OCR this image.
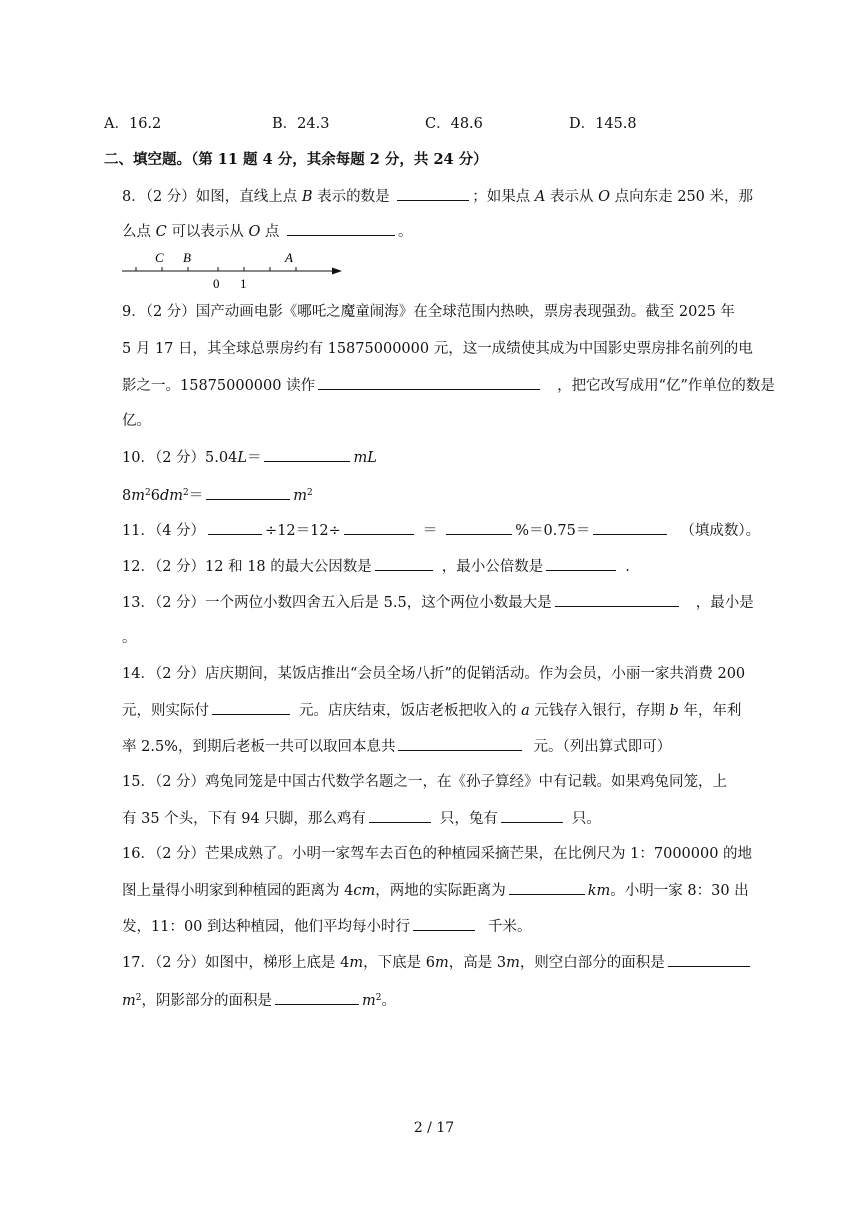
A．16.2	B．24.3	C．48.6	D．145.8
二、填空题。（第 11 题 4 分，其余每题 2 分，共 24 分）
8．（2 分）如图，直线上点 B 表示的数是	；如果点 A 表示从 O 点向东走 250 米，那
么点 C 可以表示从 O 点	。
C B	A
0 1
9．（2 分）国产动画电影《哪吒之魔童闹海》在全球范围内热映，票房表现强劲。截至 2025 年
5 月 17 日，其全球总票房约有 15875000000 元，这一成绩使其成为中国影史票房排名前列的电
影之一。15875000000 读作	，把它改写成用“亿”作单位的数是
亿。
10．（2 分）5.04L＝	mL
$8m^26dm^2=$	$m^2$
11．（4 分）	÷12＝12÷	＝	%＝0.75＝	（填成数）。
12．（2 分）12 和 18 的最大公因数是	，最小公倍数是	.
13．（2 分）一个两位小数四舍五入后是 5.5，这个两位小数最大是	，最小是
。
14．（2 分）店庆期间，某饭店推出“会员全场八折”的促销活动。作为会员，小丽一家共消费 200
元，则实际付	元。店庆结束，饭店老板把收入的 a 元钱存入银行，存期 b 年，年利
率 2.5%，到期后老板一共可以取回本息共	元。（列出算式即可）
15．（2 分）鸡兔同笼是中国古代数学名题之一，在《孙子算经》中有记载。如果鸡兔同笼，上
有 35 个头，下有 94 只脚，那么鸡有	只，兔有	只。
16．（2 分）芒果成熟了。小明一家驾车去百色的种植园采摘芒果，在比例尺为 1：7000000 的地
图上量得小明家到种植园的距离为 4cm，两地的实际距离为	km。小明一家 8：30 出
发，11：00 到达种植园，他们平均每小时行	千米。
17．（2 分）如图中，梯形上底是 4m，下底是 6m，高是 3m，则空白部分的面积是
$m^2$，阴影部分的面积是	$m^2$。
2 / 17
